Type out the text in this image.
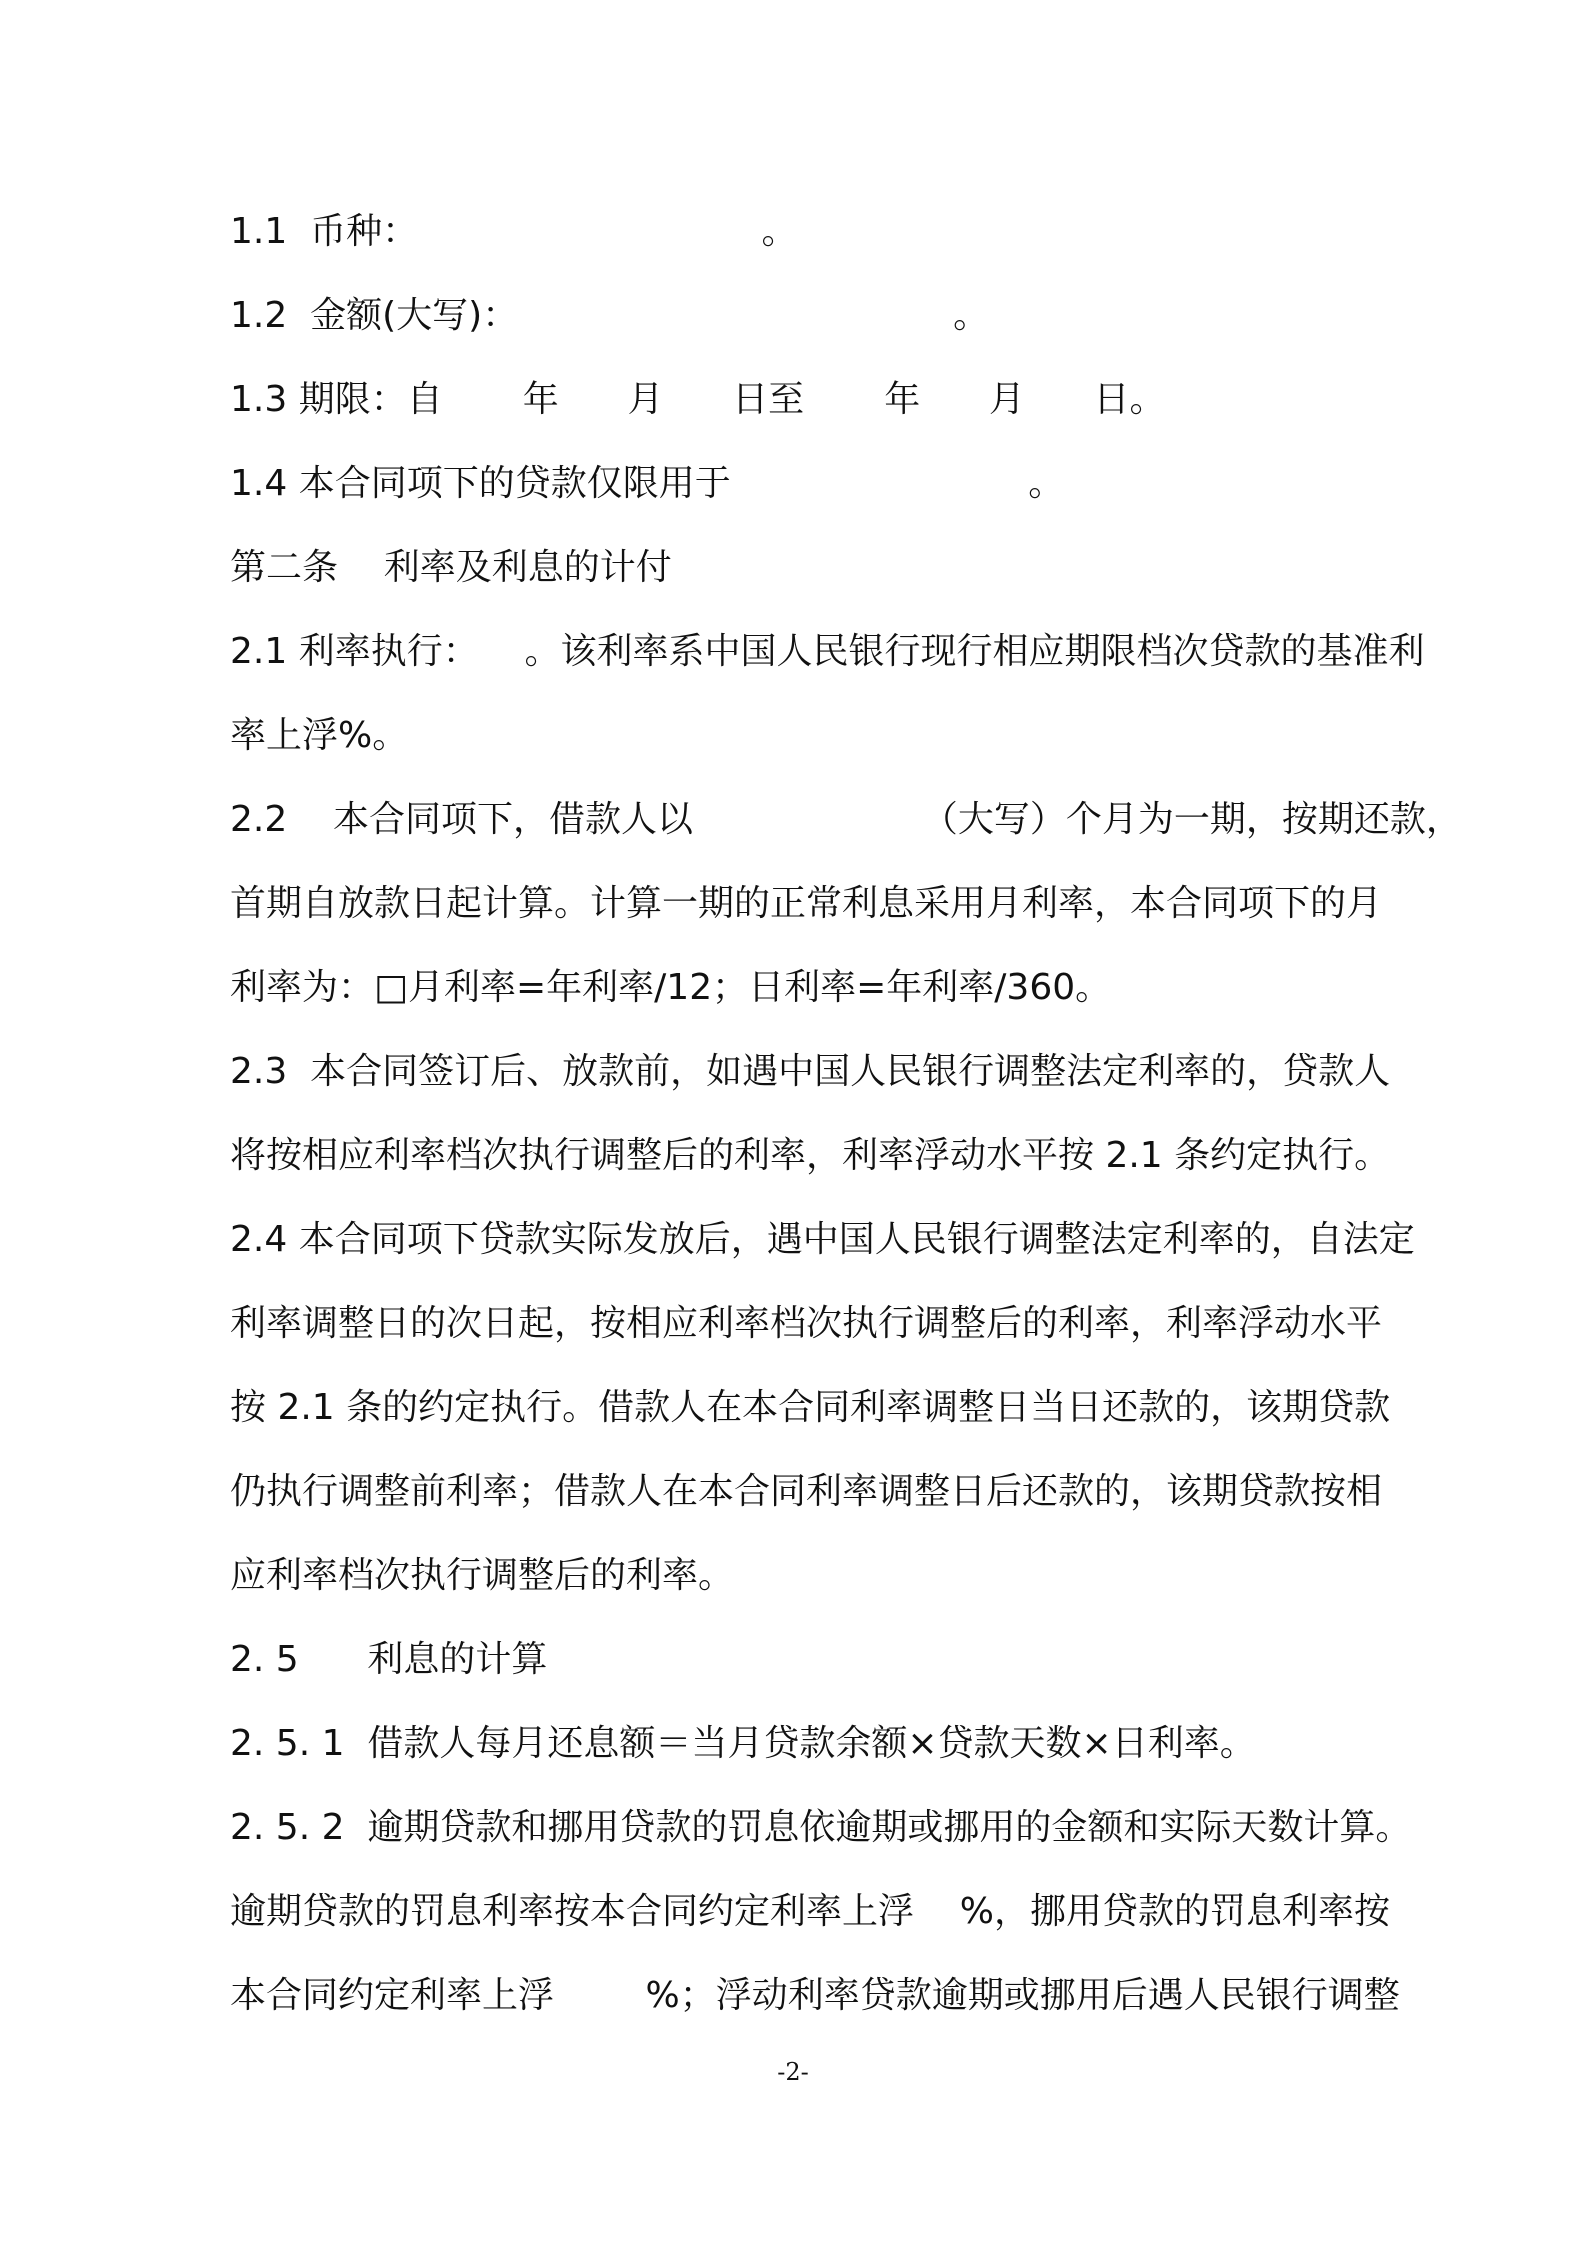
1.1  币种：                              。
1.2  金额(大写)：                                      。
1.3 期限：自       年      月      日至       年      月      日。
1.4 本合同项下的贷款仅限用于                          。
第二条    利率及利息的计付
2.1 利率执行：    。该利率系中国人民银行现行相应期限档次贷款的基准利
率上浮%。
2.2    本合同项下，借款人以                    （大写）个月为一期，按期还款，
首期自放款日起计算。计算一期的正常利息采用月利率，本合同项下的月
利率为：□月利率=年利率/12；日利率=年利率/360。
2.3  本合同签订后、放款前，如遇中国人民银行调整法定利率的，贷款人
将按相应利率档次执行调整后的利率，利率浮动水平按 2.1 条约定执行。
2.4 本合同项下贷款实际发放后，遇中国人民银行调整法定利率的，自法定
利率调整日的次日起，按相应利率档次执行调整后的利率，利率浮动水平
按 2.1 条的约定执行。借款人在本合同利率调整日当日还款的，该期贷款
仍执行调整前利率；借款人在本合同利率调整日后还款的，该期贷款按相
应利率档次执行调整后的利率。
2. 5      利息的计算
2. 5. 1  借款人每月还息额＝当月贷款余额×贷款天数×日利率。
2. 5. 2  逾期贷款和挪用贷款的罚息依逾期或挪用的金额和实际天数计算。
逾期贷款的罚息利率按本合同约定利率上浮    %，挪用贷款的罚息利率按
本合同约定利率上浮        %；浮动利率贷款逾期或挪用后遇人民银行调整
-2-
